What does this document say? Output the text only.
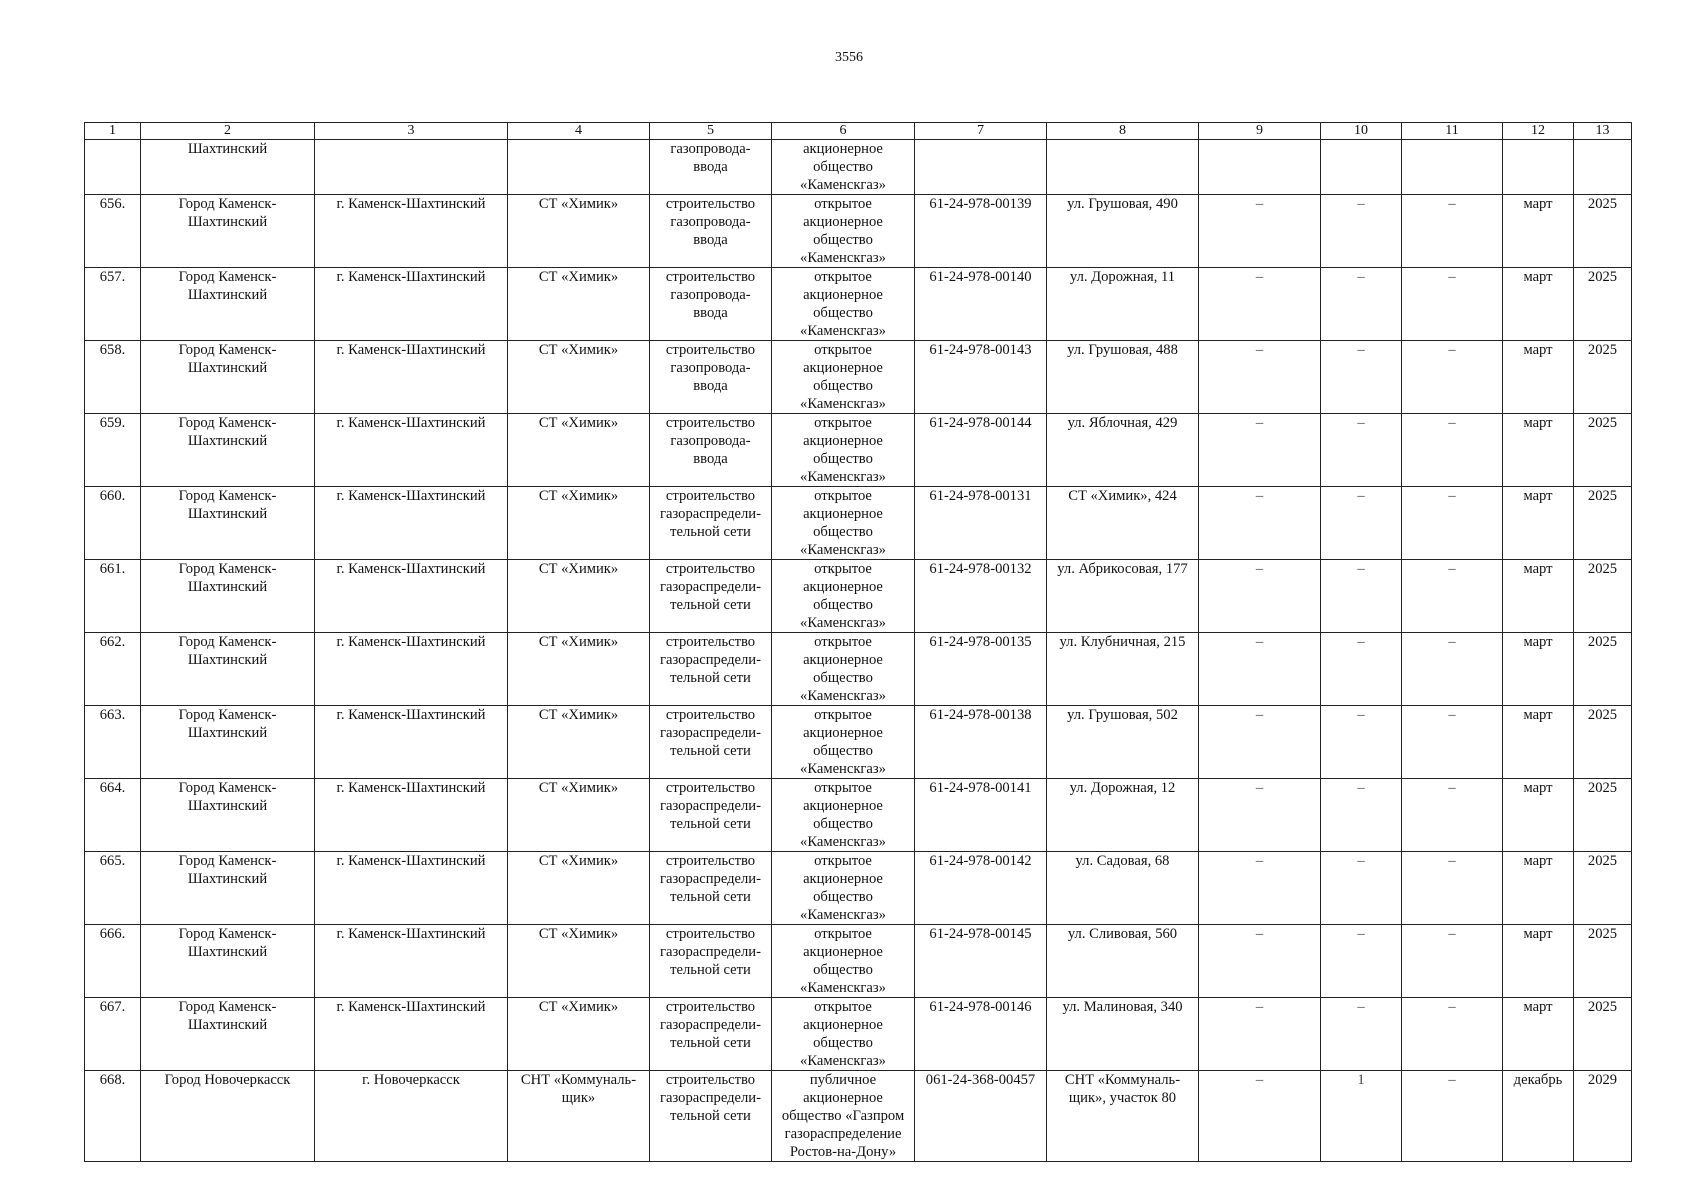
3556
1	2	3	4	5	6	7	8	9	10	11	12	13
	Шахтинский			газопровода-
ввода	акционерное
общество
«Каменскгаз»							
656.	Город Каменск-
Шахтинский	г. Каменск-Шахтинский	СТ «Химик»	строительство
газопровода-
ввода	открытое
акционерное
общество
«Каменскгаз»	61-24-978-00139	ул. Грушовая, 490	–	–	–	март	2025
657.	Город Каменск-
Шахтинский	г. Каменск-Шахтинский	СТ «Химик»	строительство
газопровода-
ввода	открытое
акционерное
общество
«Каменскгаз»	61-24-978-00140	ул. Дорожная, 11	–	–	–	март	2025
658.	Город Каменск-
Шахтинский	г. Каменск-Шахтинский	СТ «Химик»	строительство
газопровода-
ввода	открытое
акционерное
общество
«Каменскгаз»	61-24-978-00143	ул. Грушовая, 488	–	–	–	март	2025
659.	Город Каменск-
Шахтинский	г. Каменск-Шахтинский	СТ «Химик»	строительство
газопровода-
ввода	открытое
акционерное
общество
«Каменскгаз»	61-24-978-00144	ул. Яблочная, 429	–	–	–	март	2025
660.	Город Каменск-
Шахтинский	г. Каменск-Шахтинский	СТ «Химик»	строительство
газораспредели-
тельной сети	открытое
акционерное
общество
«Каменскгаз»	61-24-978-00131	СТ «Химик», 424	–	–	–	март	2025
661.	Город Каменск-
Шахтинский	г. Каменск-Шахтинский	СТ «Химик»	строительство
газораспредели-
тельной сети	открытое
акционерное
общество
«Каменскгаз»	61-24-978-00132	ул. Абрикосовая, 177	–	–	–	март	2025
662.	Город Каменск-
Шахтинский	г. Каменск-Шахтинский	СТ «Химик»	строительство
газораспредели-
тельной сети	открытое
акционерное
общество
«Каменскгаз»	61-24-978-00135	ул. Клубничная, 215	–	–	–	март	2025
663.	Город Каменск-
Шахтинский	г. Каменск-Шахтинский	СТ «Химик»	строительство
газораспредели-
тельной сети	открытое
акционерное
общество
«Каменскгаз»	61-24-978-00138	ул. Грушовая, 502	–	–	–	март	2025
664.	Город Каменск-
Шахтинский	г. Каменск-Шахтинский	СТ «Химик»	строительство
газораспредели-
тельной сети	открытое
акционерное
общество
«Каменскгаз»	61-24-978-00141	ул. Дорожная, 12	–	–	–	март	2025
665.	Город Каменск-
Шахтинский	г. Каменск-Шахтинский	СТ «Химик»	строительство
газораспредели-
тельной сети	открытое
акционерное
общество
«Каменскгаз»	61-24-978-00142	ул. Садовая, 68	–	–	–	март	2025
666.	Город Каменск-
Шахтинский	г. Каменск-Шахтинский	СТ «Химик»	строительство
газораспредели-
тельной сети	открытое
акционерное
общество
«Каменскгаз»	61-24-978-00145	ул. Сливовая, 560	–	–	–	март	2025
667.	Город Каменск-
Шахтинский	г. Каменск-Шахтинский	СТ «Химик»	строительство
газораспредели-
тельной сети	открытое
акционерное
общество
«Каменскгаз»	61-24-978-00146	ул. Малиновая, 340	–	–	–	март	2025
668.	Город Новочеркасск	г. Новочеркасск	СНТ «Коммуналь-
щик»	строительство
газораспредели-
тельной сети	публичное
акционерное
общество «Газпром
газораспределение
Ростов-на-Дону»	061-24-368-00457	СНТ «Коммуналь-
щик», участок 80	–	1	–	декабрь	2029
